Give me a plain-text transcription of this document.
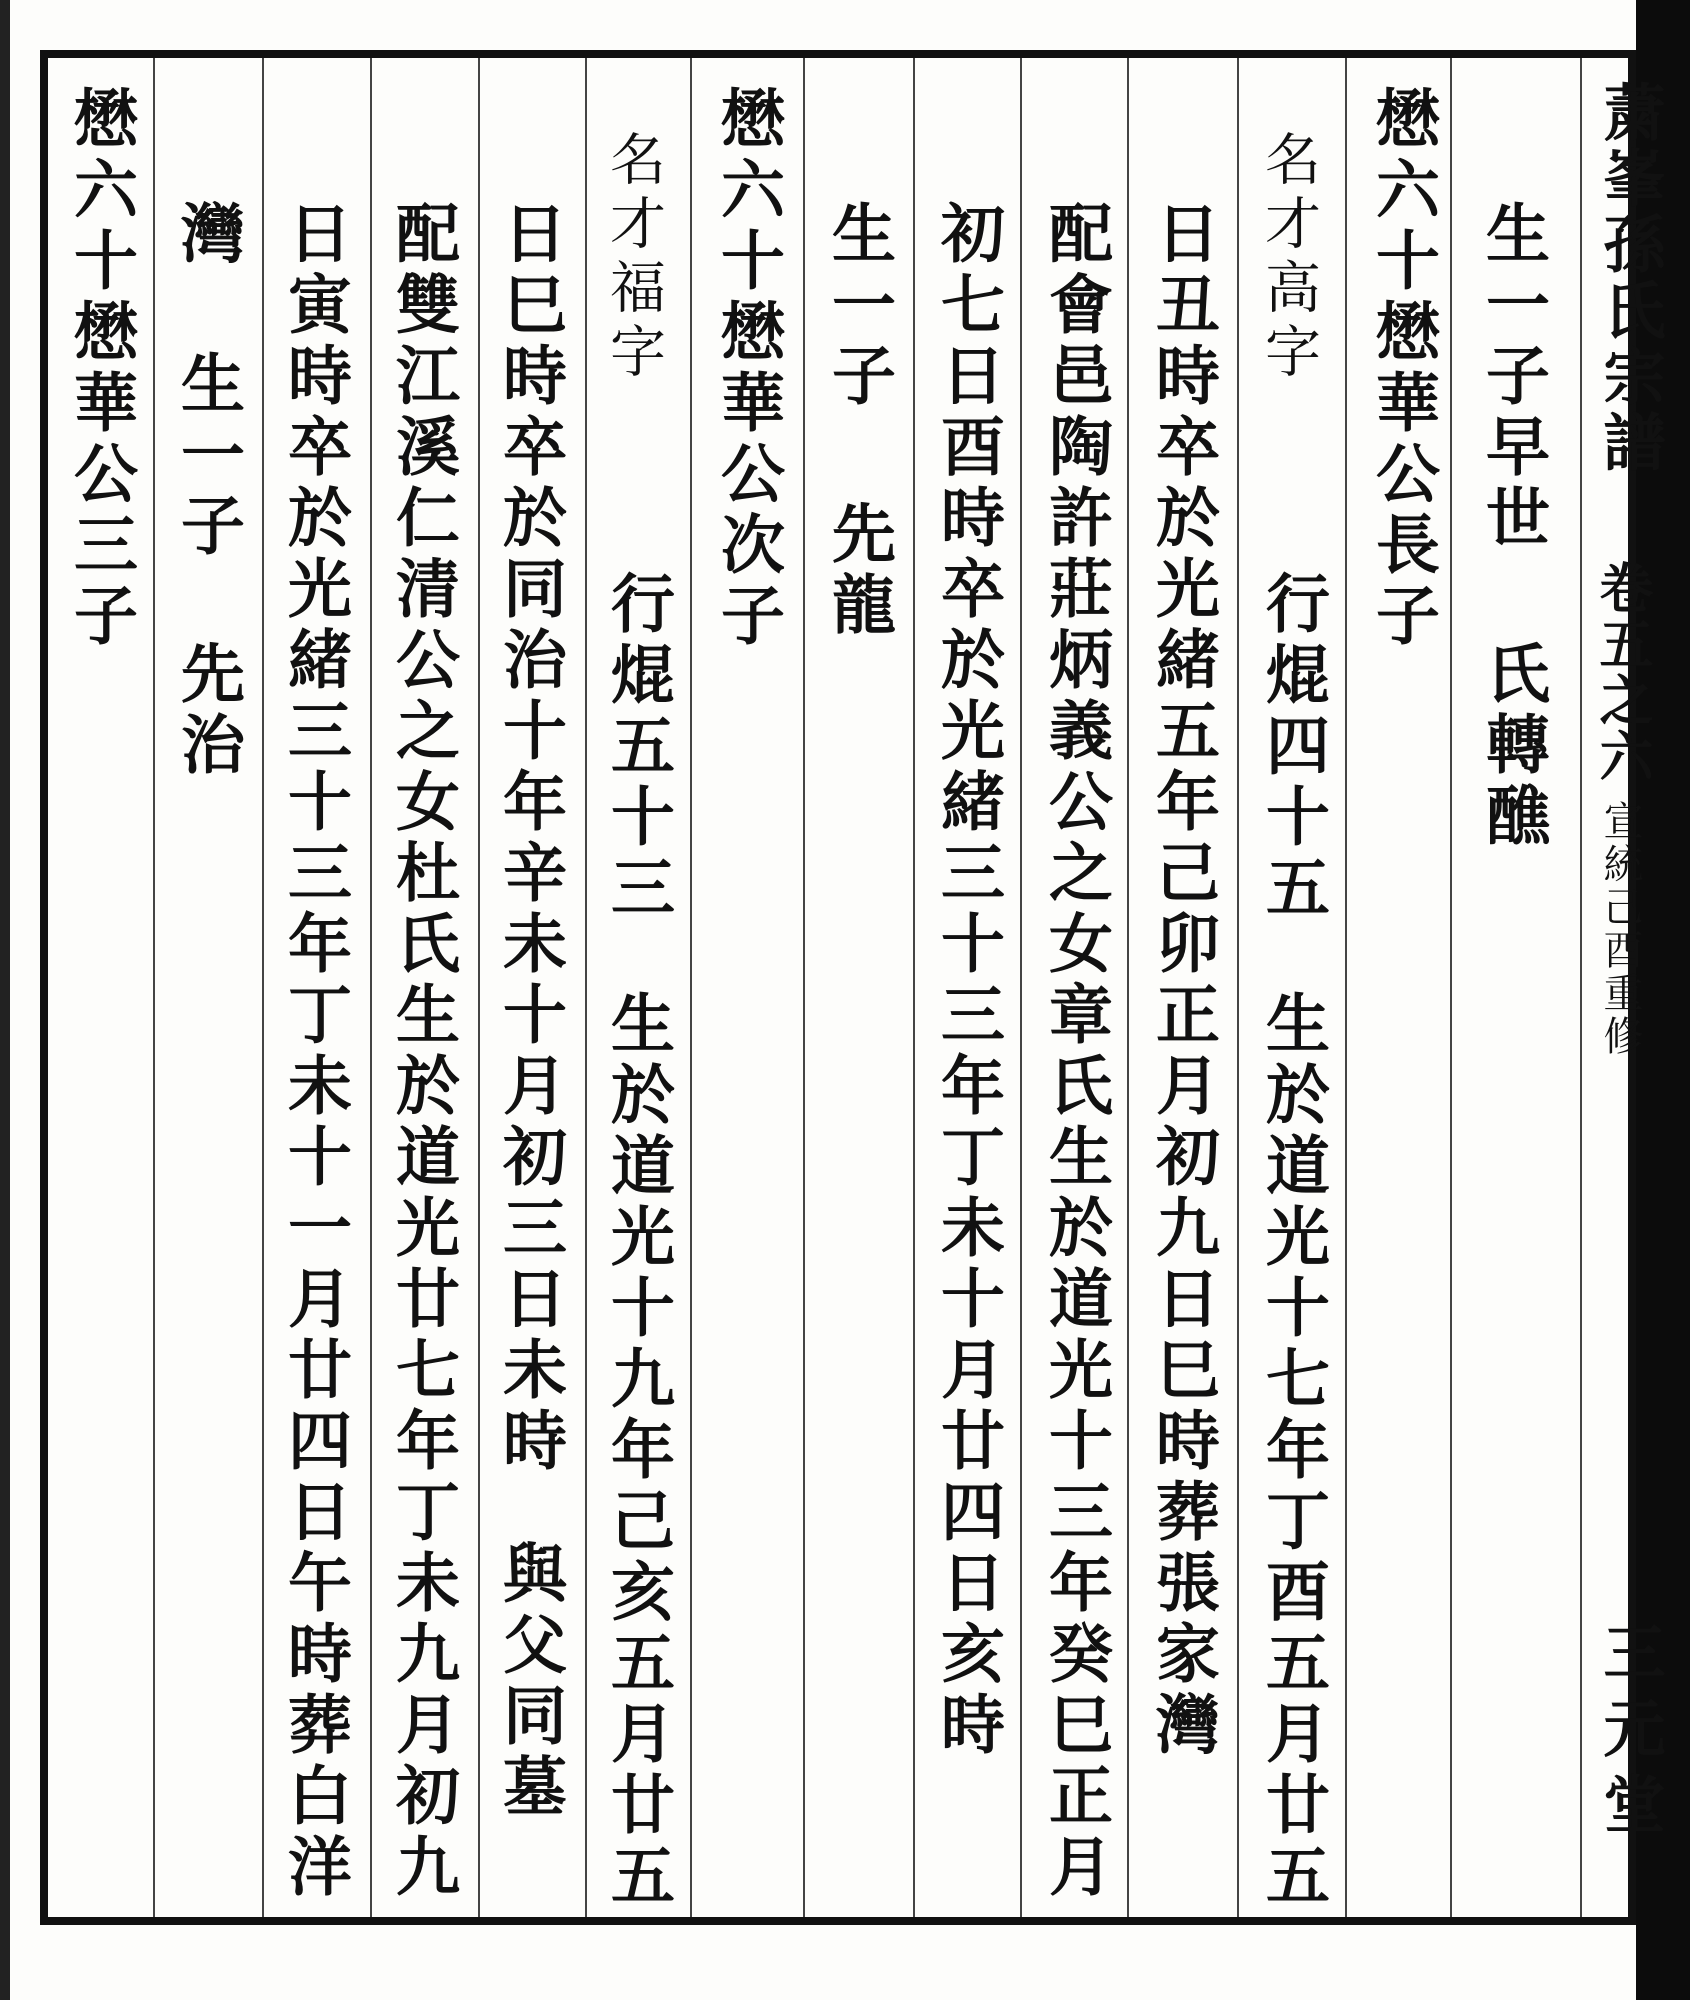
䔥峯孫氏宗譜
卷五之六
宣統己酉重修
三元堂
生一子早世
氏轉醮
懋六十懋華公長子
名才高字
行焜四十五
生於道光十七年丁酉五月廿五
日丑時卒於光緒五年己卯正月初九日巳時葬張家灣
配會邑陶許莊炳義公之女章氏生於道光十三年癸巳正月
初七日酉時卒於光緒三十三年丁未十月廿四日亥時
生一子
先龍
懋六十懋華公次子
名才福字
行焜五十三
生於道光十九年己亥五月廿五
日巳時卒於同治十年辛未十月初三日未時
與父同墓
配雙江溪仁清公之女杜氏生於道光廿七年丁未九月初九
日寅時卒於光緒三十三年丁未十一月廿四日午時葬白洋
灣
生一子
先治
懋六十懋華公三子
